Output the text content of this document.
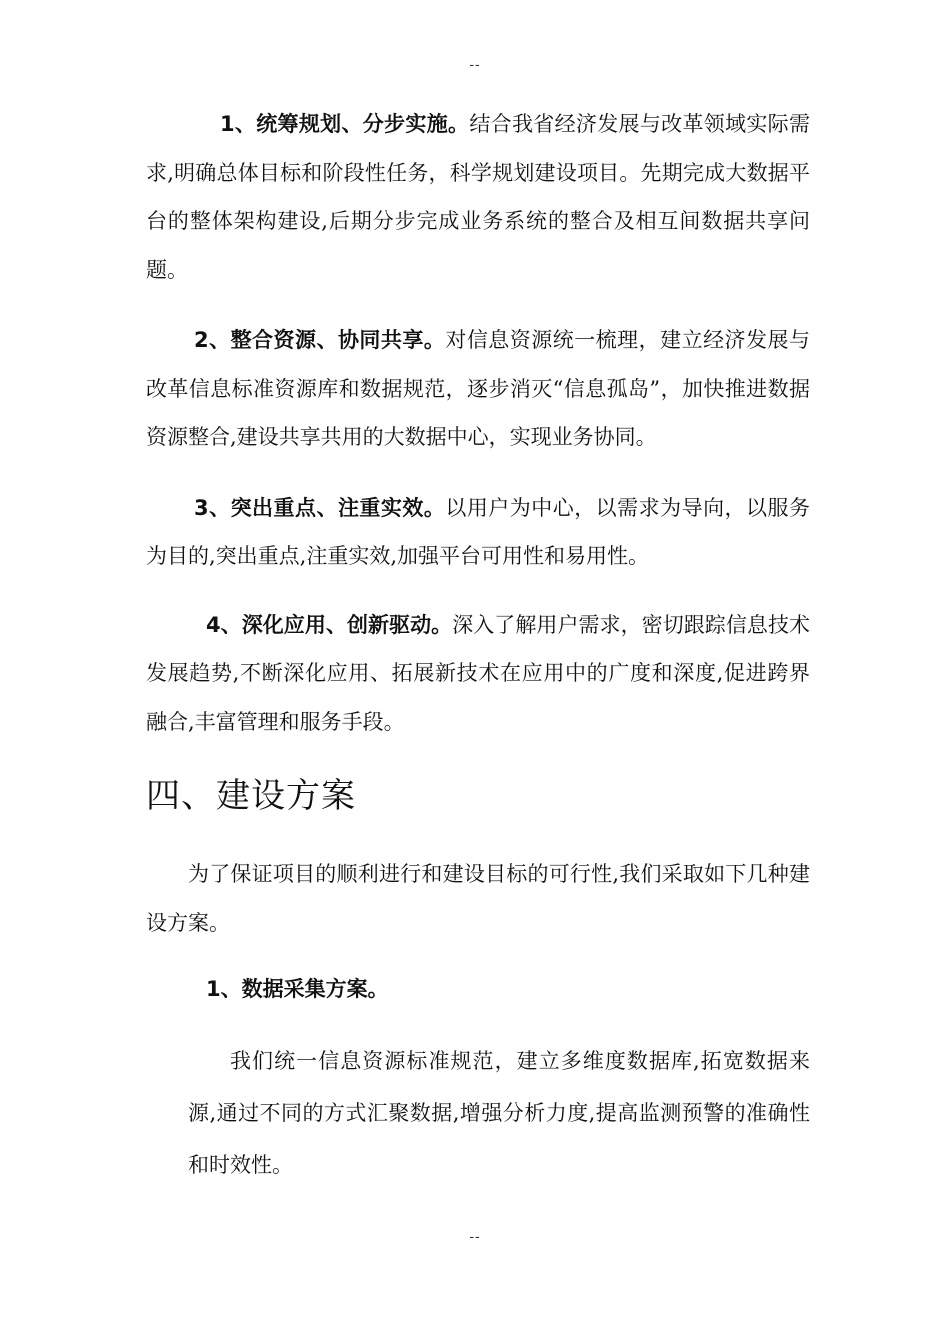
--

1、统筹规划、分步实施。结合我省经济发展与改革领域实际需求,明确总体目标和阶段性任务，科学规划建设项目。先期完成大数据平台的整体架构建设,后期分步完成业务系统的整合及相互间数据共享问题。

2、整合资源、协同共享。对信息资源统一梳理，建立经济发展与改革信息标准资源库和数据规范，逐步消灭“信息孤岛”，加快推进数据资源整合,建设共享共用的大数据中心，实现业务协同。

3、突出重点、注重实效。以用户为中心，以需求为导向，以服务为目的,突出重点,注重实效,加强平台可用性和易用性。

4、深化应用、创新驱动。深入了解用户需求，密切跟踪信息技术发展趋势,不断深化应用、拓展新技术在应用中的广度和深度,促进跨界融合,丰富管理和服务手段。

四、建设方案

为了保证项目的顺利进行和建设目标的可行性,我们采取如下几种建设方案。

1、数据采集方案。

我们统一信息资源标准规范，建立多维度数据库,拓宽数据来源,通过不同的方式汇聚数据,增强分析力度,提高监测预警的准确性和时效性。

--
